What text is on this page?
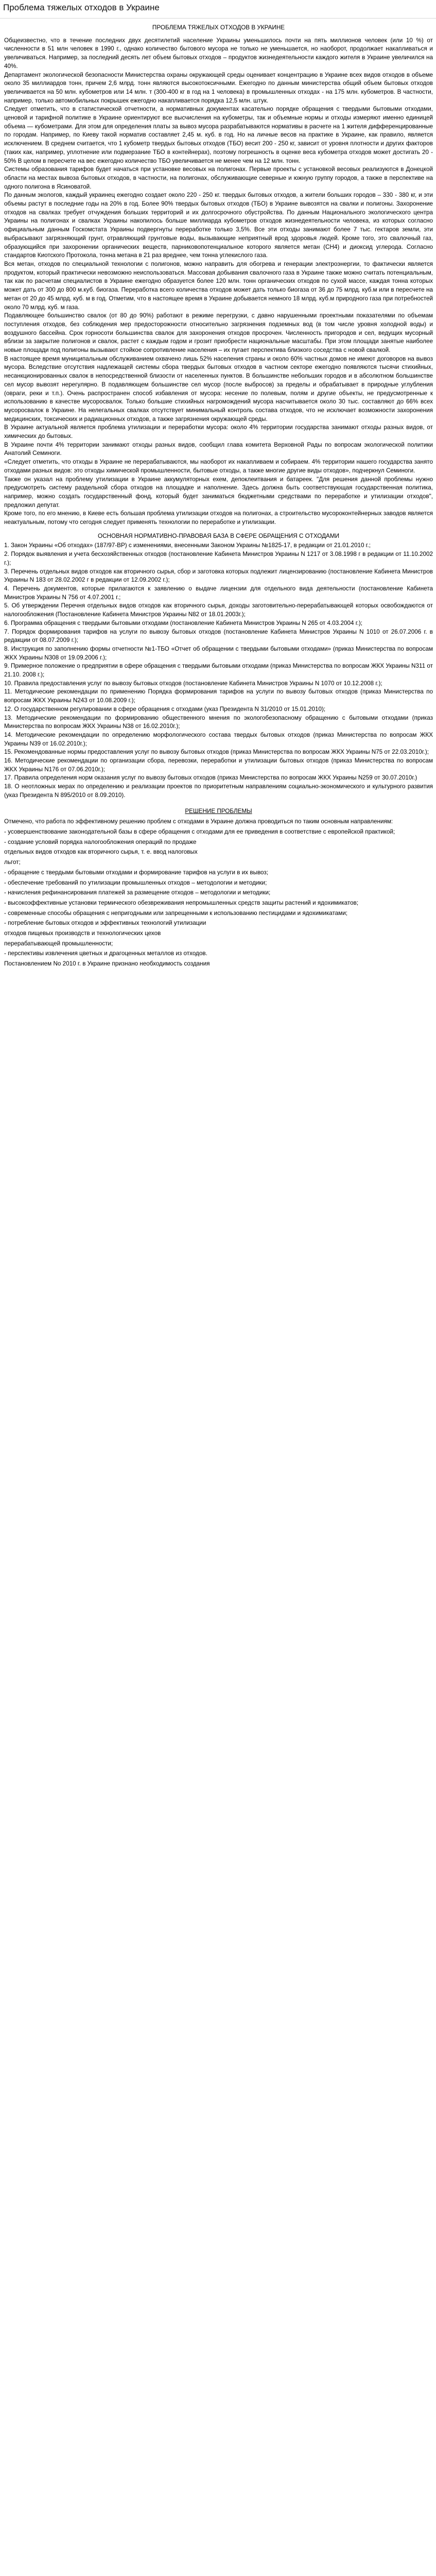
Проблема тяжелых отходов в Украине

ПРОБЛЕМА ТЯЖЕЛЫХ ОТХОДОВ В УКРАИНЕ

Общеизвестно, что в течение последних двух десятилетий население Украины уменьшилось почти на пять миллионов человек (или 10 %) от численности в 51 млн человек в 1990 г., однако количество бытового мусора не только не уменьшается, но наоборот, продолжает накапливаться и увеличиваться. Например, за последний десять лет объем бытовых отходов – продуктов жизнедеятельности каждого жителя в Украине увеличился на 40%.

Департамент экологической безопасности Министерства охраны окружающей среды оценивает концентрацию в Украине всех видов отходов в объеме около 35 миллиардов тонн, причем 2,6 млрд. тонн являются высокотоксичными. Ежегодно по данным министерства общий объем бытовых отходов увеличивается на 50 млн. кубометров или 14 млн. т (300-400 кг в год на 1 человека) в промышленных отходах - на 175 млн. кубометров. В частности, например, только автомобильных покрышек ежегодно накапливается порядка 12,5 млн. штук.

Следует отметить, что в статистической отчетности, а нормативных документах касательно порядке обращения с твердыми бытовыми отходами, ценовой и тарифной политике в Украине ориентируют все высчисления на кубометры, так и объемные нормы и отходы измеряют именно единицей объема — кубометрами. Для этом для определения платы за вывоз мусора разрабатываются нормативы в расчете на 1 жителя дифференцированные по городам. Например, по Киеву такой норматив составляет 2,45 м. куб. в год. Но на личные весов на практике в Украине, как правило, является исключением. В среднем считается, что 1 кубометр твердых бытовых отходов (ТБО) весит 200 - 250 кг, зависит от уровня плотности и других факторов (таких как, например, уплотнение или подмерзание ТБО в контейнерах), поэтому погрешность в оценке веса кубометра отходов может достигать 20 - 50% В целом в пересчете на вес ежегодно количество ТБО увеличивается не менее чем на 12 млн. тонн.

Системы образования тарифов будет начаться при установке весовых на полигонах. Первые проекты с установкой весовых реализуются в Донецкой области на местах вывоза бытовых отходов, в частности, на полигонах, обслуживающие северные и южную группу городов, а также в перспективе на одного полигона в Ясиноватой.

По данным экологов, каждый украинец ежегодно создает около 220 - 250 кг. твердых бытовых отходов, а жители больших городов – 330 - 380 кг, и эти объемы растут в последние годы на 20% в год. Более 90% твердых бытовых отходов (ТБО) в Украине вывозятся на свалки и полигоны. Захоронение отходов на свалках требует отчуждения больших территорий и их долгосрочного обустройства. По данным Национального экологического центра Украины на полигонах и свалках Украины накопилось больше миллиарда кубометров отходов жизнедеятельности человека, из которых согласно официальным данным Госкомстата Украины подвергнуты переработке только 3,5%. Все эти отходы занимают более 7 тыс. гектаров земли, эти выбрасывают загрязняющий грунт, отравляющий грунтовые воды, вызывающие неприятный врод здоровья людей. Кроме того, это свалочный газ, образующийся при захоронении органических веществ, парниковопотенциальное которого является метан (СН4) и диоксид углерода. Согласно стандартов Киотского Протокола, тонна метана в 21 раз вреднее, чем тонна углекислого газа.

Вся метан, отходов по специальной технологии с полигонов, можно направить для обогрева и генерации электроэнергии, то фактически является продуктом, который практически невозможно неиспользоваться. Массовая добывания свалочного газа в Украине также можно считать потенциальным, так как по расчетам специалистов в Украине ежегодно образуется более 120 млн. тонн органических отходов по сухой массе, каждая тонна которых может дать от 300 до 800 м.куб. биогаза. Переработка всего количества отходов может дать только биогаза от 36 до 75 млрд. куб.м или в пересчете на метан от 20 до 45 млрд. куб. м в год. Отметим, что в настоящее время в Украине добывается немного 18 млрд. куб.м природного газа при потребностей около 70 млрд. куб. м газа.

Подавляющее большинство свалок (от 80 до 90%) работают в режиме перегрузки, с давно нарушенными проектными показателями по объемам поступления отходов, без соблюдения мер предосторожности относительно загрязнения подземных вод (в том числе уровня холодной воды) и воздушного бассейна. Срок горносоти большинства свалок для захоронения отходов просрочен. Численность пригородов и сел, ведущих мусорный вблизи за закрытие полигонов и свалок, растет с каждым годом и грозит приобрести национальные масштабы. При этом площади занятые наиболее новые площади под полигоны вызывают стойкое сопротивление населения – их пугает перспектива близкого соседства с новой свалкой.

В настоящее время муниципальным обслуживанием охвачено лишь 52% населения страны и около 60% частных домов не имеют договоров на вывоз мусора. Вследствие отсутствия надлежащей системы сбора твердых бытовых отходов в частном секторе ежегодно появляются тысячи стихийных, несанкционированных свалок в непосредственной близости от населенных пунктов. В большинстве небольших городов и в абсолютном большинстве сел мусор вывозят нерегулярно. В подавляющем большинстве сел мусор (после выбросов) за пределы и обрабатывает в природные углубления (овраги, реки и т.п.). Очень распространен способ избавления от мусора: несение по полевым, полям и другие объекты, не предусмотренные к использованию в качестве мусоросвалок. Только большие стихийных нагромождений мусора насчитывается около 30 тыс. составляют до 66% всех мусоросвалок в Украине. На нелегальных свалках отсутствует минимальный контроль состава отходов, что не исключает возможности захоронения медицинских, токсических и радиационных отходов, а также загрязнения окружающей среды.

В Украине актуальной является проблема утилизации и переработки мусора: около 4% территории государства занимают отходы разных видов, от химических до бытовых.

В Украине почти 4% территории занимают отходы разных видов, сообщил глава комитета Верховной Рады по вопросам экологической политики Анатолий Семиноги.

«Следует отметить, что отходы в Украине не перерабатываются, мы наоборот их накапливаем и собираем. 4% территории нашего государства занято отходами разных видов: это отходы химической промышленности, бытовые отходы, а также многие другие виды отходов», подчеркнул Семиноги.

Также он указал на проблему утилизации в Украине аккумуляторных ехем, депоклеитвания и батареек. "Для решения данной проблемы нужно предусмотреть систему раздельной сбора отходов на площадке и наполнение. Здесь должна быть соответствующая государственная политика, например, можно создать государственный фонд, который будет заниматься бюджетными средствами по переработке и утилизации отходов", предложил депутат.

Кроме того, по его мнению, в Киеве есть большая проблема утилизации отходов на полигонах, а строительство мусороконтейнерных заводов является неактуальным, потому что сегодня следует применять технологии по переработке и утилизации.

ОСНОВНАЯ НОРМАТИВНО-ПРАВОВАЯ БАЗА В СФЕРЕ ОБРАЩЕНИЯ С ОТХОДАМИ

1. Закон Украины «Об отходах» (187/97-ВР) с изменениями, внесенными Законом Украины №1825-17, в редакции от 21.01.2010 г.;

2. Порядок выявления и учета бесхозяйственных отходов (постановление Кабинета Министров Украины N 1217 от 3.08.1998 г в редакции от 11.10.2002 г.);

3. Перечень отдельных видов отходов как вторичного сырья, сбор и заготовка которых подлежит лицензированию (постановление Кабинета Министров Украины N 183 от 28.02.2002 г в редакции от 12.09.2002 г.);

4. Перечень документов, которые прилагаются к заявлению о выдаче лицензии для отдельного вида деятельности (постановление Кабинета Министров Украины N 756 от 4.07.2001 г.;

5. Об утверждении Перечня отдельных видов отходов как вторичного сырья, доходы заготовительно-перерабатывающей которых освобождаются от налогообложения (Постановление Кабинета Министров Украины N82 от 18.01.2003г.);

6. Программа обращения с твердыми бытовыми отходами (постановление Кабинета Министров Украины N 265 от 4.03.2004 г.);

7. Порядок формирования тарифов на услуги по вывозу бытовых отходов (постановление Кабинета Министров Украины N 1010 от 26.07.2006 г. в редакции от 08.07.2009 г.);

8. Инструкция по заполнению формы отчетности №1-ТБО «Отчет об обращении с твердыми бытовыми отходами» (приказ Министерства по вопросам ЖКХ Украины N308 от 19.09.2006 г.);

9. Примерное положение о предприятии в сфере обращения с твердыми бытовыми отходами (приказ Министерства по вопросам ЖКХ Украины N311 от 21.10. 2008 г.);

10. Правила предоставления услуг по вывозу бытовых отходов (постановление Кабинета Министров Украины N 1070 от 10.12.2008 г.);

11. Методические рекомендации по применению Порядка формирования тарифов на услуги по вывозу бытовых отходов (приказ Министерства по вопросам ЖКХ Украины N243 от 10.08.2009 г.);

12. О государственном регулировании в сфере обращения с отходами (указ Президента N 31/2010 от 15.01.2010);

13. Методические рекомендации по формированию общественного мнения по экологобезопасному обращению с бытовыми отходами (приказ Министерства по вопросам ЖКХ Украины N38 от 16.02.2010г.);

14. Методические рекомендации по определению морфологического состава твердых бытовых отходов (приказ Министерства по вопросам ЖКХ Украины N39 от 16.02.2010г.);

15. Рекомендованные нормы предоставления услуг по вывозу бытовых отходов (приказ Министерства по вопросам ЖКХ Украины N75 от 22.03.2010г.);

16. Методические рекомендации по организации сбора, перевозки, переработки и утилизации бытовых отходов (приказ Министерства по вопросам ЖКХ Украины N176 от 07.06.2010г.);

17. Правила определения норм оказания услуг по вывозу бытовых отходов (приказ Министерства по вопросам ЖКХ Украины N259 от 30.07.2010г.)

18. О неотложных мерах по определению и реализации проектов по приоритетным направлениям социально-экономического и культурного развития (указ Президента N 895/2010 от 8.09.2010).

РЕШЕНИЕ ПРОБЛЕМЫ

Отмечено, что работа по эффективному решению проблем с отходами в Украине должна проводиться по таким основным направлениям:

- усовершенствование законодательной базы в сфере обращения с отходами для ее приведения в соответствие с европейской практикой;

- создание условий порядка налогообложения операций по продаже

отдельных видов отходов как вторичного сырья, т. е. ввод налоговых

льгот;

- обращение с твердыми бытовыми отходами и формирование тарифов на услуги в их вывоз;

- обеспечение требований по утилизации промышленных отходов – методологии и методики;

- начисления рефинансирования платежей за размещение отходов – методологии и методики;

- высокоэффективные установки термического обезвреживания непромышленных средств защиты растений и ядохимикатов;

- современные способы обращения с непригодными или запрещенными к использованию пестицидами и ядохимикатами;

- потребление бытовых отходов и эффективных технологий утилизации

отходов пищевых производств и технологических цехов

перерабатывающей промышленности;

- перспективы извлечения цветных и драгоценных металлов из отходов.

Постановлением No 2010 г. в Украине признано необходимость создания
